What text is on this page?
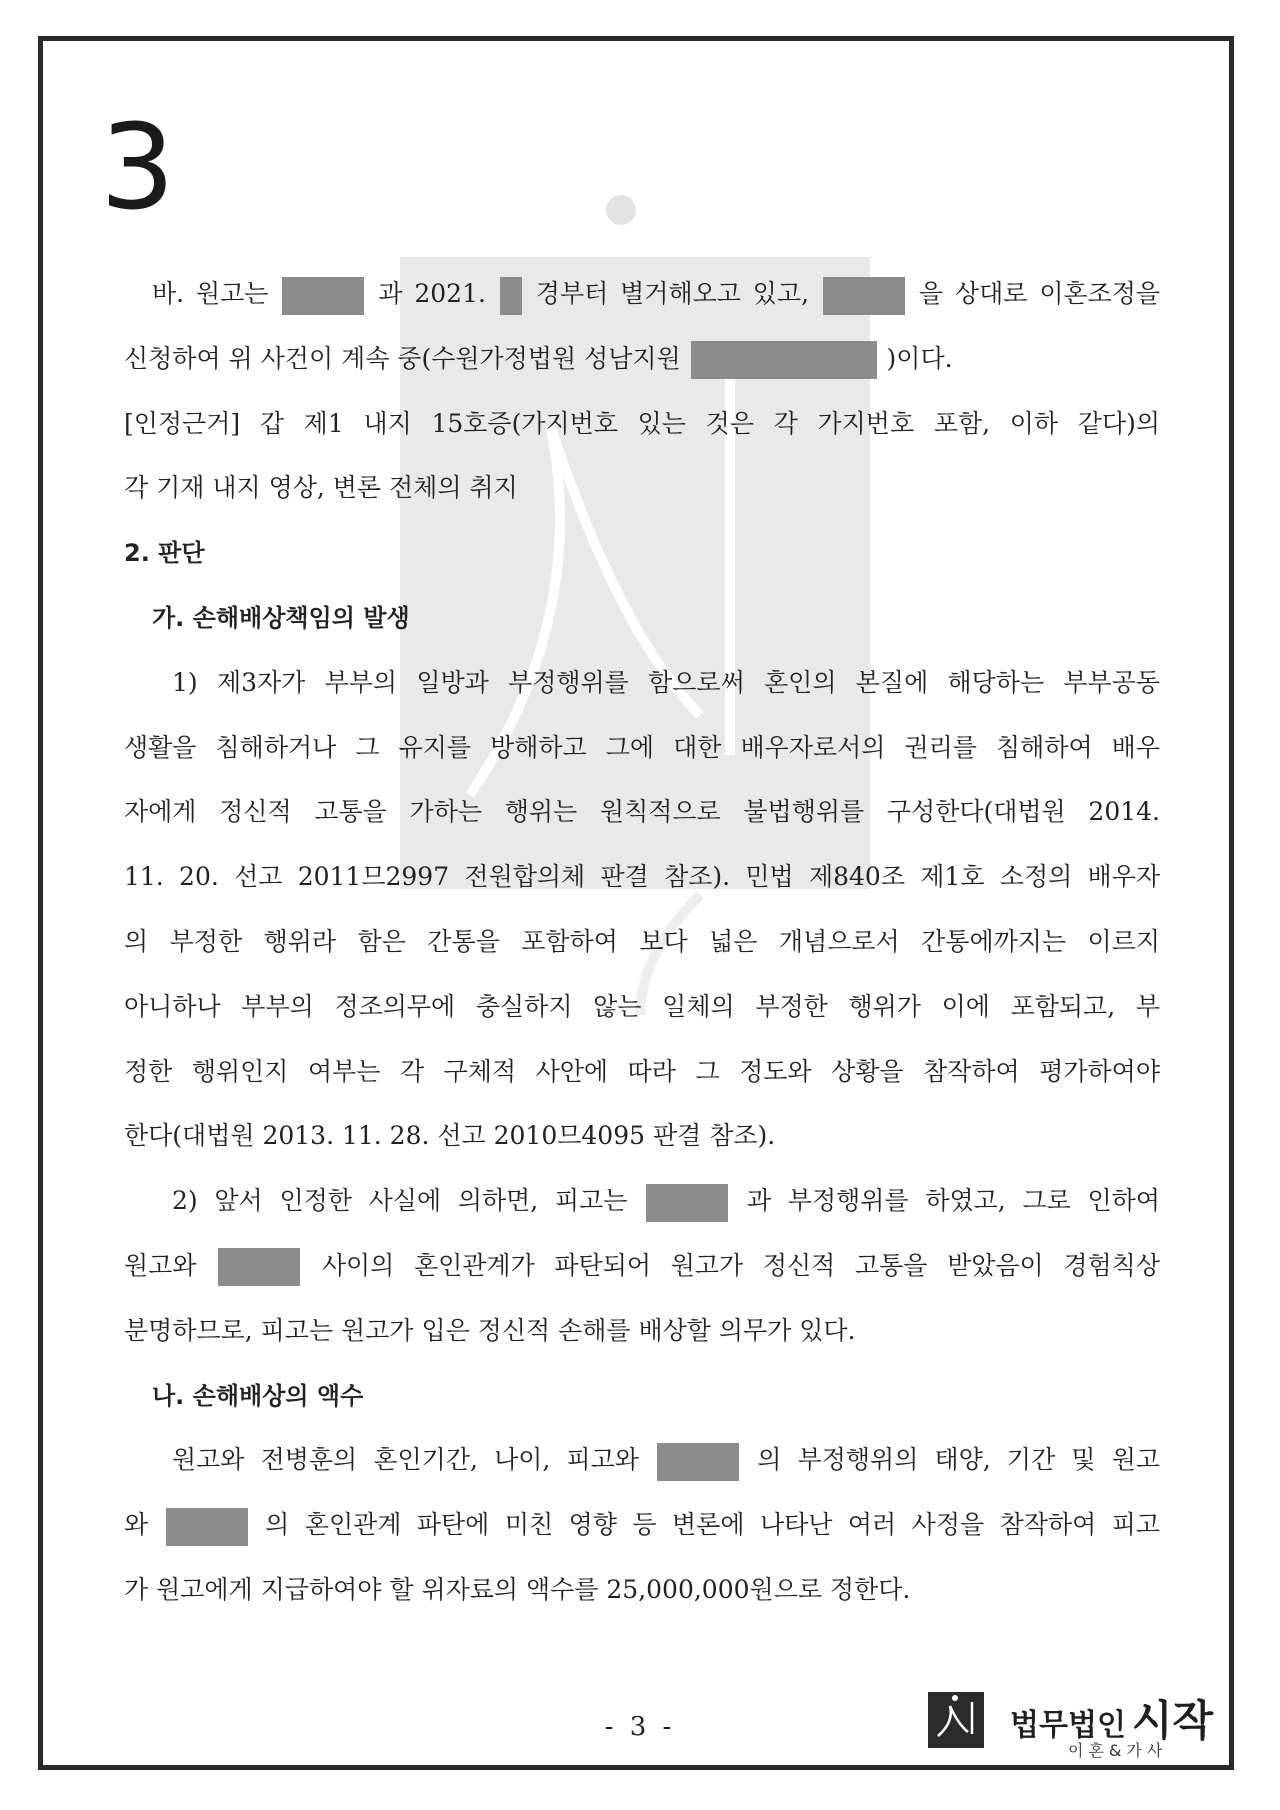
3
바. 원고는	과 2021. 경부터 별거해오고 있고,	을 상대로 이혼조정을
신청하여 위 사건이 계속 중(수원가정법원 성남지원	)이다.
[인정근거] 갑 제1 내지 15호증(가지번호 있는 것은 각 가지번호 포함, 이하 같다)의
각 기재 내지 영상, 변론 전체의 취지
2. 판단
가. 손해배상책임의 발생
1) 제3자가 부부의 일방과 부정행위를 함으로써 혼인의 본질에 해당하는 부부공동
생활을 침해하거나 그 유지를 방해하고 그에 대한 배우자로서의 권리를 침해하여 배우
자에게 정신적 고통을 가하는 행위는 원칙적으로 불법행위를 구성한다(대법원 2014.
11. 20. 선고 2011므2997 전원합의체 판결 참조). 민법 제840조 제1호 소정의 배우자
의 부정한 행위라 함은 간통을 포함하여 보다 넓은 개념으로서 간통에까지는 이르지
아니하나 부부의 정조의무에 충실하지 않는 일체의 부정한 행위가 이에 포함되고, 부
정한 행위인지 여부는 각 구체적 사안에 따라 그 정도와 상황을 참작하여 평가하여야
한다(대법원 2013. 11. 28. 선고 2010므4095 판결 참조).
2) 앞서 인정한 사실에 의하면, 피고는	과 부정행위를 하였고, 그로 인하여
원고와	사이의 혼인관계가 파탄되어 원고가 정신적 고통을 받았음이 경험칙상
분명하므로, 피고는 원고가 입은 정신적 손해를 배상할 의무가 있다.
나. 손해배상의 액수
원고와 전병훈의 혼인기간, 나이, 피고와	의 부정행위의 태양, 기간 및 원고
와	의 혼인관계 파탄에 미친 영향 등 변론에 나타난 여러 사정을 참작하여 피고
가 원고에게 지급하여야 할 위자료의 액수를 25,000,000원으로 정한다.
- 3 -	법무법인 시작
이혼&가사
